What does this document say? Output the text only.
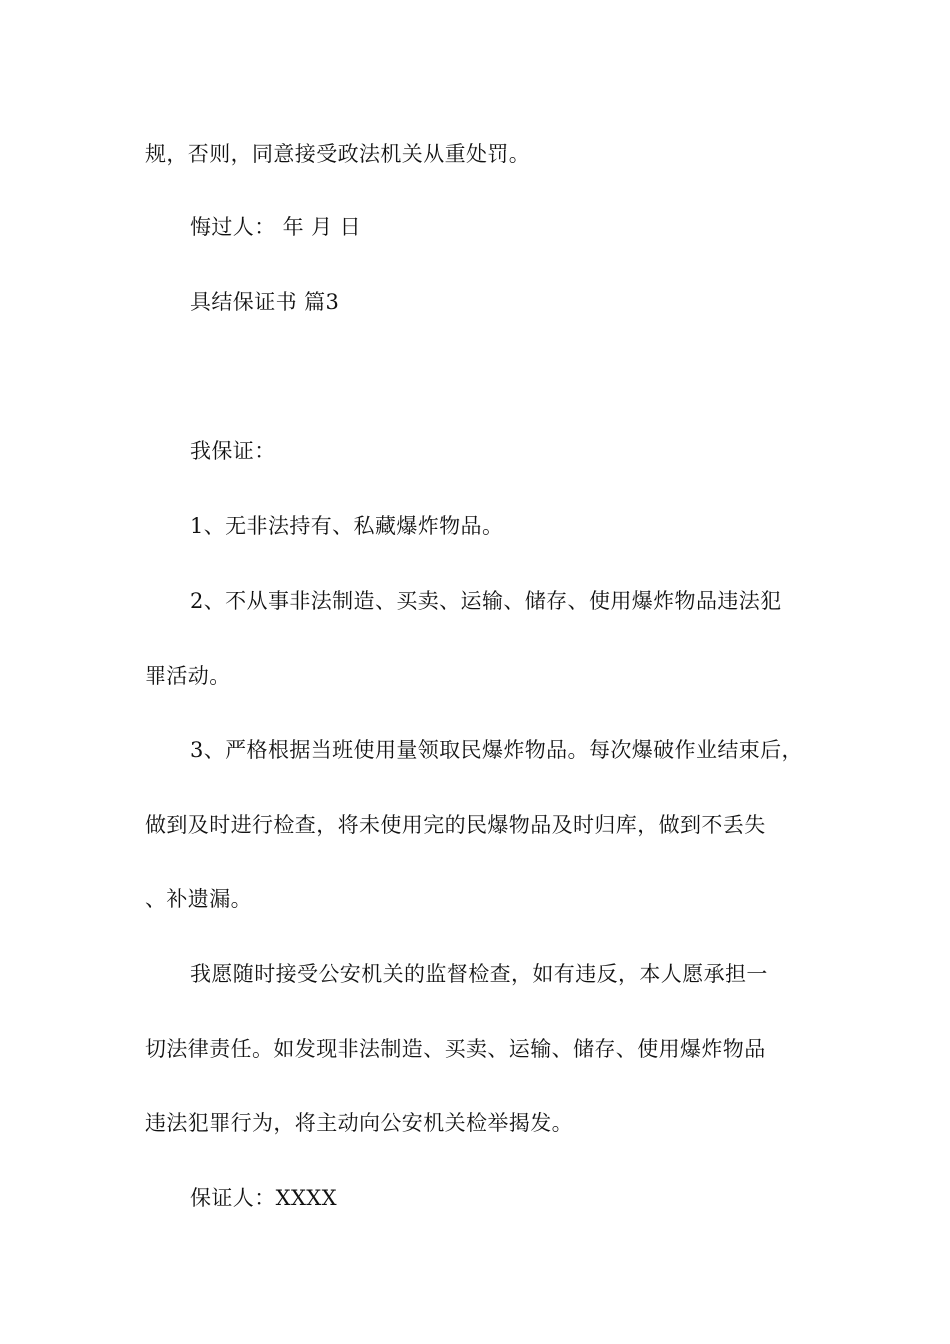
规，否则，同意接受政法机关从重处罚。
悔过人： 年 月 日
具结保证书 篇3
我保证：
1、无非法持有、私藏爆炸物品。
2、不从事非法制造、买卖、运输、储存、使用爆炸物品违法犯
罪活动。
3、严格根据当班使用量领取民爆炸物品。每次爆破作业结束后，
做到及时进行检查，将未使用完的民爆物品及时归库，做到不丢失
、补遗漏。
我愿随时接受公安机关的监督检查，如有违反，本人愿承担一
切法律责任。如发现非法制造、买卖、运输、储存、使用爆炸物品
违法犯罪行为，将主动向公安机关检举揭发。
保证人：XXXX
